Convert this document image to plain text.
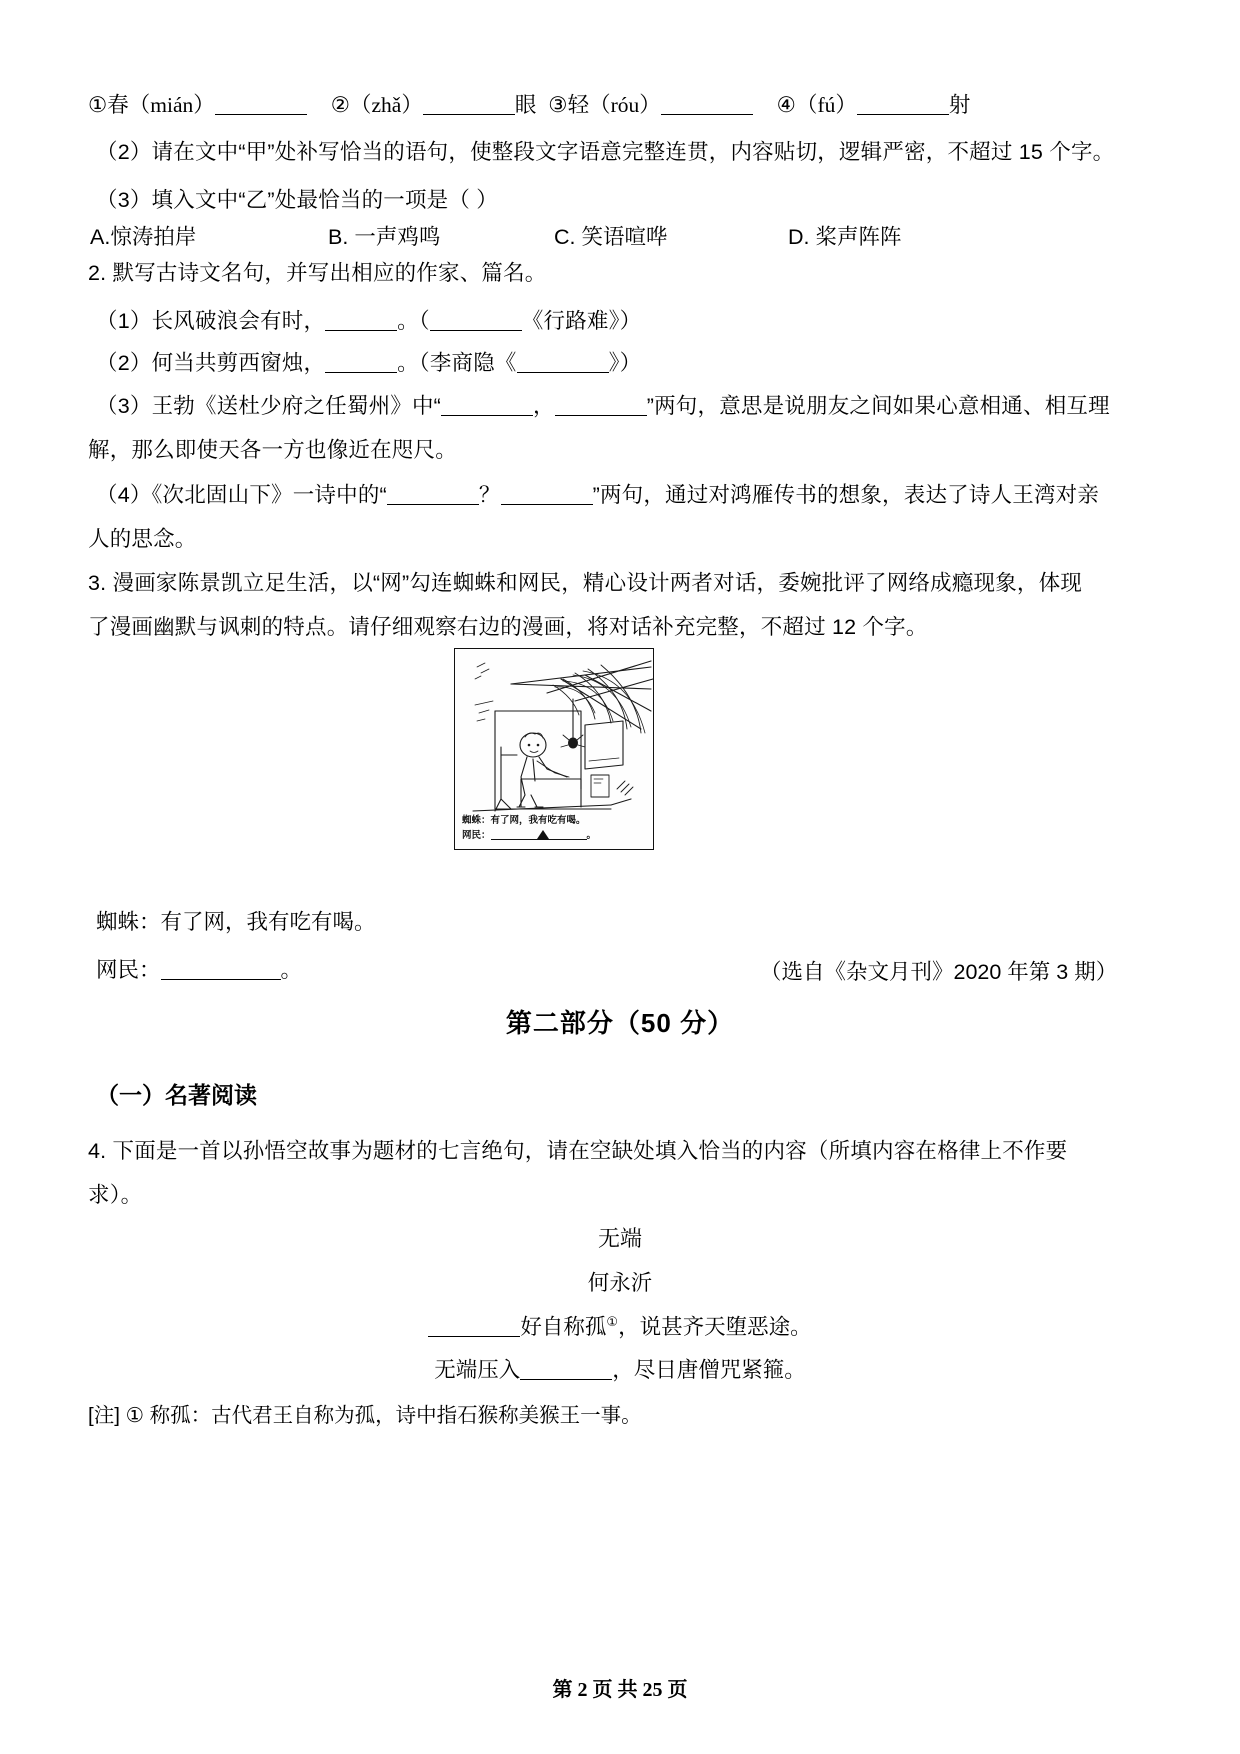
①春（mián）	②（zhǎ）	眼 ③轻（róu）	④（fú）	射
（2）请在文中“甲”处补写恰当的语句，使整段文字语意完整连贯，内容贴切，逻辑严密，不超过 15 个字。
（3）填入文中“乙”处最恰当的一项是（ ）
A.惊涛拍岸	B. 一声鸡鸣	C. 笑语喧哗	D. 桨声阵阵
2. 默写古诗文名句，并写出相应的作家、篇名。
（1）长风破浪会有时，	。（	《行路难》）
（2）何当共剪西窗烛，	。（李商隐《	》）
（3）王勃《送杜少府之任蜀州》中“	，	”两句，意思是说朋友之间如果心意相通、相互理
解，那么即使天各一方也像近在咫尺。
（4）《次北固山下》一诗中的“	？	”两句，通过对鸿雁传书的想象，表达了诗人王湾对亲
人的思念。
3. 漫画家陈景凯立足生活，以“网”勾连蜘蛛和网民，精心设计两者对话，委婉批评了网络成瘾现象，体现
了漫画幽默与讽刺的特点。请仔细观察右边的漫画，将对话补充完整，不超过 12 个字。
蜘蛛：有了网，我有吃有喝。
网民：	。
（选自《杂文月刊》2020 年第 3 期）
蜘蛛：有了网，我有吃有喝。
网民：	。
第二部分（50 分）
（一）名著阅读
4. 下面是一首以孙悟空故事为题材的七言绝句，请在空缺处填入恰当的内容（所填内容在格律上不作要
求）。
无端
何永沂
好自称孤①，说甚齐天堕恶途。
无端压入	，尽日唐僧咒紧箍。
[注] ① 称孤：古代君王自称为孤，诗中指石猴称美猴王一事。
第 2 页 共 25 页
